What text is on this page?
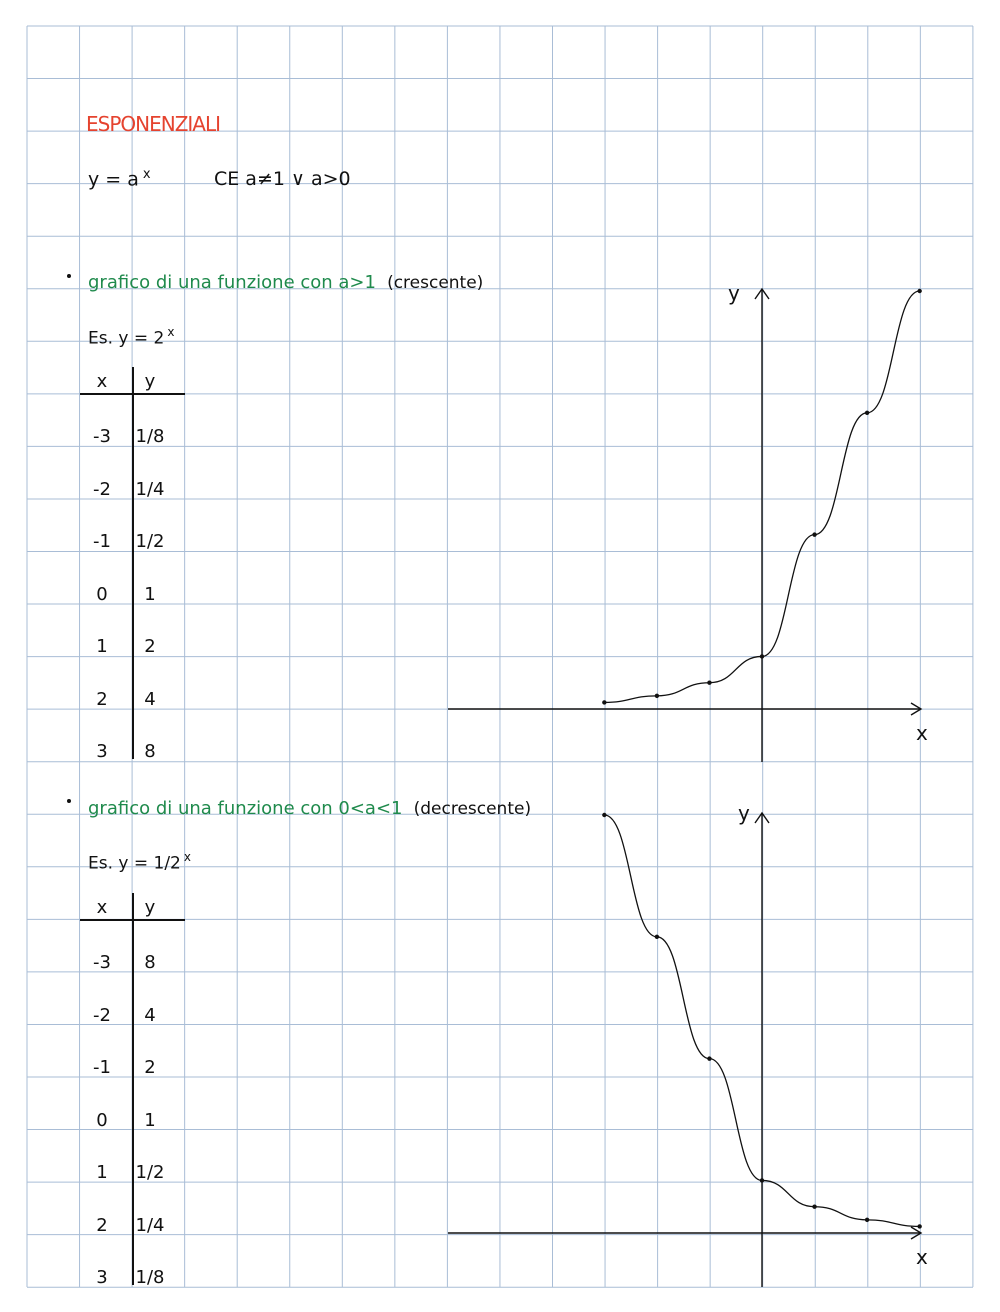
ESPONENZIALI
y = a $^x$	CE a≠1 ∨ a>0
grafico di una funzione con a>1 (crescente)
Es. y = 2 $^x$
x	y
-3	1/8
-2	1/4
-1	1/2
0	1
1	2
2	4
3	8
grafico di una funzione con 0<a<1 (decrescente)
Es. y = 1/2 $^x$
x	y
-3	8
-2	4
-1	2
0	1
1	1/2
2	1/4
3	1/8
y
x
y
x
